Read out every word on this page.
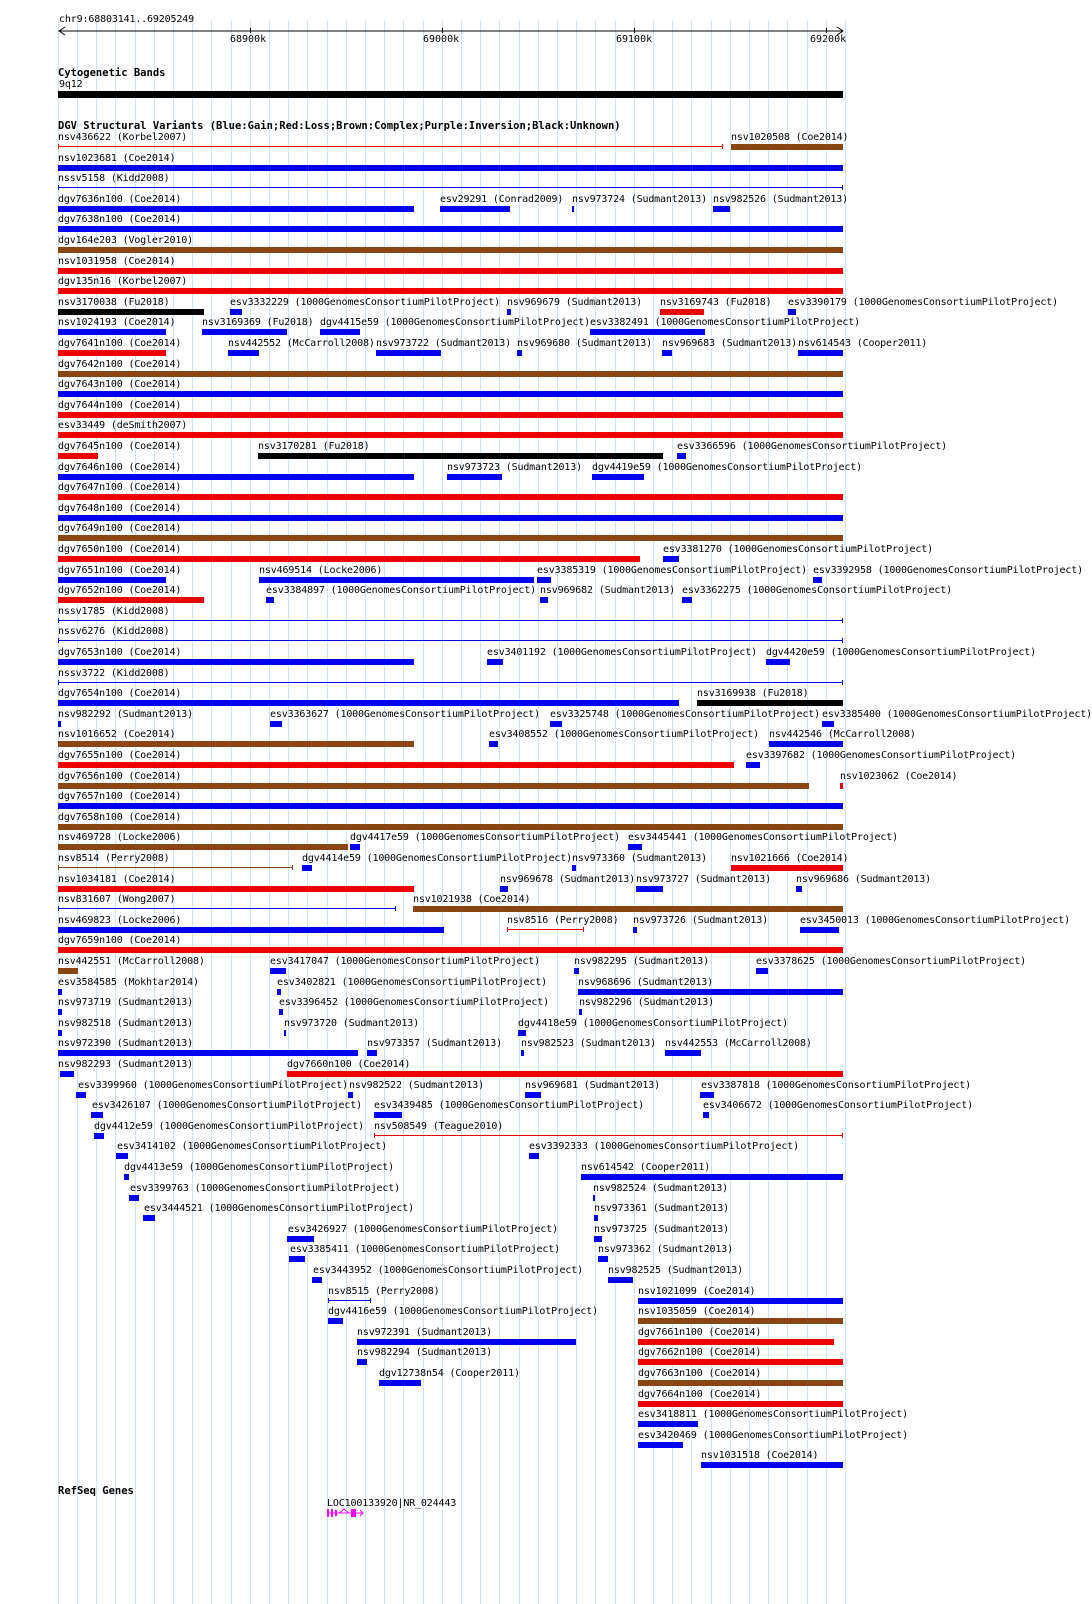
chr9:68803141..69205249
68900k	69000k	69100k	69200k
Cytogenetic Bands
9q12
DGV Structural Variants (Blue:Gain;Red:Loss;Brown:Complex;Purple:Inversion;Black:Unknown)
nsv436622 (Korbel2007)	nsv1020508 (Coe2014)
nsv1023681 (Coe2014)
nssv5158 (Kidd2008)
dgv7636n100 (Coe2014)	esv29291 (Conrad2009) nsv973724 (Sudmant2013) nsv982526 (Sudmant2013)
dgv7638n100 (Coe2014)
dgv164e203 (Vogler2010)
nsv1031958 (Coe2014)
dgv135n16 (Korbel2007)
nsv3170038 (Fu2018)	esv3332229 (1000GenomesConsortiumPilotProject) nsv969679 (Sudmant2013) nsv3169743 (Fu2018) esv3390179 (1000GenomesConsortiumPilotProject)
nsv1024193 (Coe2014)	nsv3169369 (Fu2018) dgv4415e59 (1000GenomesConsortiumPilotProject) esv3382491 (1000GenomesConsortiumPilotProject)
dgv7641n100 (Coe2014)	nsv442552 (McCarroll2008) nsv973722 (Sudmant2013) nsv969680 (Sudmant2013) nsv969683 (Sudmant2013) nsv614543 (Cooper2011)
dgv7642n100 (Coe2014)
dgv7643n100 (Coe2014)
dgv7644n100 (Coe2014)
esv33449 (deSmith2007)
dgv7645n100 (Coe2014)	nsv3170281 (Fu2018)	esv3366596 (1000GenomesConsortiumPilotProject)
dgv7646n100 (Coe2014)	nsv973723 (Sudmant2013) dgv4419e59 (1000GenomesConsortiumPilotProject)
dgv7647n100 (Coe2014)
dgv7648n100 (Coe2014)
dgv7649n100 (Coe2014)
dgv7650n100 (Coe2014)	esv3381270 (1000GenomesConsortiumPilotProject)
dgv7651n100 (Coe2014)	nsv469514 (Locke2006)	esv3385319 (1000GenomesConsortiumPilotProject) esv3392958 (1000GenomesConsortiumPilotProject)
dgv7652n100 (Coe2014)	esv3384897 (1000GenomesConsortiumPilotProject) nsv969682 (Sudmant2013) esv3362275 (1000GenomesConsortiumPilotProject)
nssv1785 (Kidd2008)
nssv6276 (Kidd2008)
dgv7653n100 (Coe2014)	esv3401192 (1000GenomesConsortiumPilotProject) dgv4420e59 (1000GenomesConsortiumPilotProject)
nssv3722 (Kidd2008)
dgv7654n100 (Coe2014)	nsv3169938 (Fu2018)
nsv982292 (Sudmant2013)	esv3363627 (1000GenomesConsortiumPilotProject) esv3325748 (1000GenomesConsortiumPilotProject) esv3385400 (1000GenomesConsortiumPilotProject)
nsv1016652 (Coe2014)	esv3408552 (1000GenomesConsortiumPilotProject) nsv442546 (McCarroll2008)
dgv7655n100 (Coe2014)	esv3397682 (1000GenomesConsortiumPilotProject)
dgv7656n100 (Coe2014)	nsv1023062 (Coe2014)
dgv7657n100 (Coe2014)
dgv7658n100 (Coe2014)
nsv469728 (Locke2006)	dgv4417e59 (1000GenomesConsortiumPilotProject) esv3445441 (1000GenomesConsortiumPilotProject)
nsv8514 (Perry2008)	dgv4414e59 (1000GenomesConsortiumPilotProject) nsv973360 (Sudmant2013) nsv1021666 (Coe2014)
nsv1034181 (Coe2014)	nsv969678 (Sudmant2013) nsv973727 (Sudmant2013) nsv969686 (Sudmant2013)
nsv831607 (Wong2007)	nsv1021938 (Coe2014)
nsv469823 (Locke2006)	nsv8516 (Perry2008) nsv973726 (Sudmant2013)	esv3450013 (1000GenomesConsortiumPilotProject)
dgv7659n100 (Coe2014)
nsv442551 (McCarroll2008)	esv3417047 (1000GenomesConsortiumPilotProject)	nsv982295 (Sudmant2013)	esv3378625 (1000GenomesConsortiumPilotProject)
esv3584585 (Mokhtar2014)	esv3402821 (1000GenomesConsortiumPilotProject)	nsv968696 (Sudmant2013)
nsv973719 (Sudmant2013)	esv3396452 (1000GenomesConsortiumPilotProject)	nsv982296 (Sudmant2013)
nsv982518 (Sudmant2013)	nsv973720 (Sudmant2013)	dgv4418e59 (1000GenomesConsortiumPilotProject)
nsv972390 (Sudmant2013)	nsv973357 (Sudmant2013) nsv982523 (Sudmant2013) nsv442553 (McCarroll2008)
nsv982293 (Sudmant2013)	dgv7660n100 (Coe2014)
esv3399960 (1000GenomesConsortiumPilotProject) nsv982522 (Sudmant2013)	nsv969681 (Sudmant2013)	esv3387818 (1000GenomesConsortiumPilotProject)
esv3426107 (1000GenomesConsortiumPilotProject) esv3439485 (1000GenomesConsortiumPilotProject)	esv3406672 (1000GenomesConsortiumPilotProject)
dgv4412e59 (1000GenomesConsortiumPilotProject) nsv508549 (Teague2010)
esv3414102 (1000GenomesConsortiumPilotProject)	esv3392333 (1000GenomesConsortiumPilotProject)
dgv4413e59 (1000GenomesConsortiumPilotProject)	nsv614542 (Cooper2011)
esv3399763 (1000GenomesConsortiumPilotProject)	nsv982524 (Sudmant2013)
esv3444521 (1000GenomesConsortiumPilotProject)	nsv973361 (Sudmant2013)
esv3426927 (1000GenomesConsortiumPilotProject)	nsv973725 (Sudmant2013)
esv3385411 (1000GenomesConsortiumPilotProject)	nsv973362 (Sudmant2013)
esv3443952 (1000GenomesConsortiumPilotProject) nsv982525 (Sudmant2013)
nsv8515 (Perry2008)	nsv1021099 (Coe2014)
dgv4416e59 (1000GenomesConsortiumPilotProject)	nsv1035059 (Coe2014)
nsv972391 (Sudmant2013)	dgv7661n100 (Coe2014)
nsv982294 (Sudmant2013)	dgv7662n100 (Coe2014)
dgv12738n54 (Cooper2011)	dgv7663n100 (Coe2014)
dgv7664n100 (Coe2014)
esv3418811 (1000GenomesConsortiumPilotProject)
esv3420469 (1000GenomesConsortiumPilotProject)
nsv1031518 (Coe2014)
RefSeq Genes
LOC100133920|NR_024443
